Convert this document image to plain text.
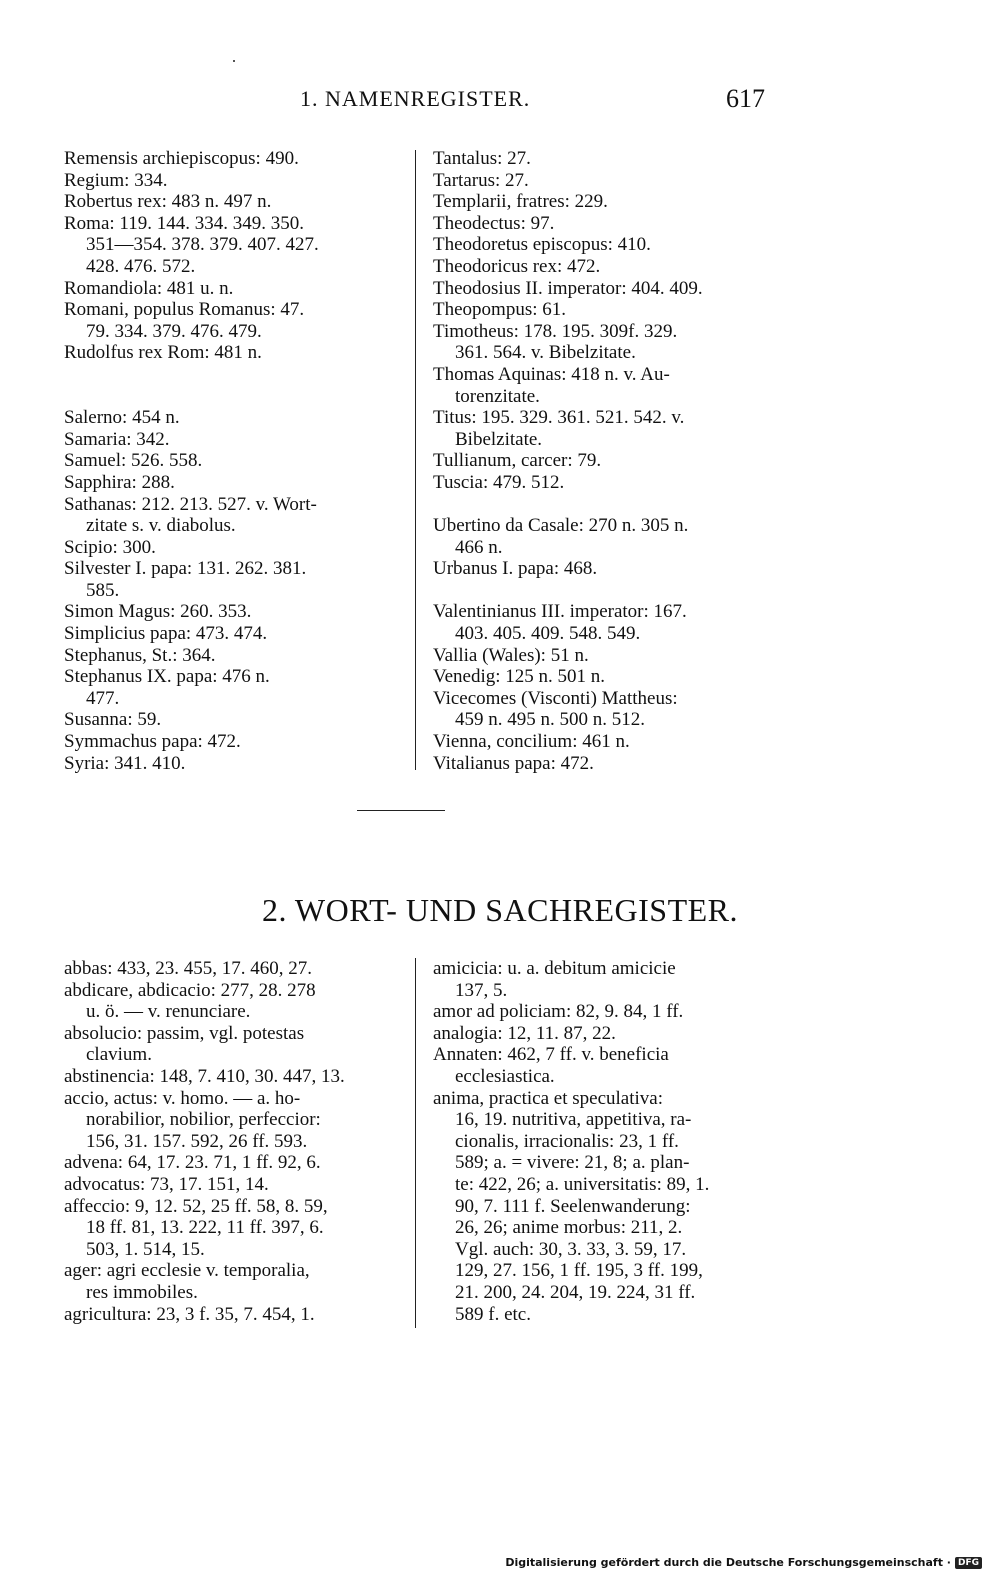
1. NAMENREGISTER.	617
Remensis archiepiscopus: 490.
Regium: 334.
Robertus rex: 483 n. 497 n.
Roma: 119. 144. 334. 349. 350.
351—354. 378. 379. 407. 427.
428. 476. 572.
Romandiola: 481 u. n.
Romani, populus Romanus: 47.
79. 334. 379. 476. 479.
Rudolfus rex Rom: 481 n.
Salerno: 454 n.
Samaria: 342.
Samuel: 526. 558.
Sapphira: 288.
Sathanas: 212. 213. 527. v. Wort-
zitate s. v. diabolus.
Scipio: 300.
Silvester I. papa: 131. 262. 381.
585.
Simon Magus: 260. 353.
Simplicius papa: 473. 474.
Stephanus, St.: 364.
Stephanus IX. papa: 476 n.
477.
Susanna: 59.
Symmachus papa: 472.
Syria: 341. 410.
Tantalus: 27.
Tartarus: 27.
Templarii, fratres: 229.
Theodectus: 97.
Theodoretus episcopus: 410.
Theodoricus rex: 472.
Theodosius II. imperator: 404. 409.
Theopompus: 61.
Timotheus: 178. 195. 309f. 329.
361. 564. v. Bibelzitate.
Thomas Aquinas: 418 n. v. Au-
torenzitate.
Titus: 195. 329. 361. 521. 542. v.
Bibelzitate.
Tullianum, carcer: 79.
Tuscia: 479. 512.
Ubertino da Casale: 270 n. 305 n.
466 n.
Urbanus I. papa: 468.
Valentinianus III. imperator: 167.
403. 405. 409. 548. 549.
Vallia (Wales): 51 n.
Venedig: 125 n. 501 n.
Vicecomes (Visconti) Mattheus:
459 n. 495 n. 500 n. 512.
Vienna, concilium: 461 n.
Vitalianus papa: 472.
2. WORT- UND SACHREGISTER.
abbas: 433, 23. 455, 17. 460, 27.
abdicare, abdicacio: 277, 28. 278
u. ö. — v. renunciare.
absolucio: passim, vgl. potestas
clavium.
abstinencia: 148, 7. 410, 30. 447, 13.
accio, actus: v. homo. — a. ho-
norabilior, nobilior, perfeccior:
156, 31. 157. 592, 26 ff. 593.
advena: 64, 17. 23. 71, 1 ff. 92, 6.
advocatus: 73, 17. 151, 14.
affeccio: 9, 12. 52, 25 ff. 58, 8. 59,
18 ff. 81, 13. 222, 11 ff. 397, 6.
503, 1. 514, 15.
ager: agri ecclesie v. temporalia,
res immobiles.
agricultura: 23, 3 f. 35, 7. 454, 1.
amicicia: u. a. debitum amicicie
137, 5.
amor ad policiam: 82, 9. 84, 1 ff.
analogia: 12, 11. 87, 22.
Annaten: 462, 7 ff. v. beneficia
ecclesiastica.
anima, practica et speculativa:
16, 19. nutritiva, appetitiva, ra-
cionalis, irracionalis: 23, 1 ff.
589; a. = vivere: 21, 8; a. plan-
te: 422, 26; a. universitatis: 89, 1.
90, 7. 111 f. Seelenwanderung:
26, 26; anime morbus: 211, 2.
Vgl. auch: 30, 3. 33, 3. 59, 17.
129, 27. 156, 1 ff. 195, 3 ff. 199,
21. 200, 24. 204, 19. 224, 31 ff.
589 f. etc.
Digitalisierung gefördert durch die Deutsche Forschungsgemeinschaft · DFG
